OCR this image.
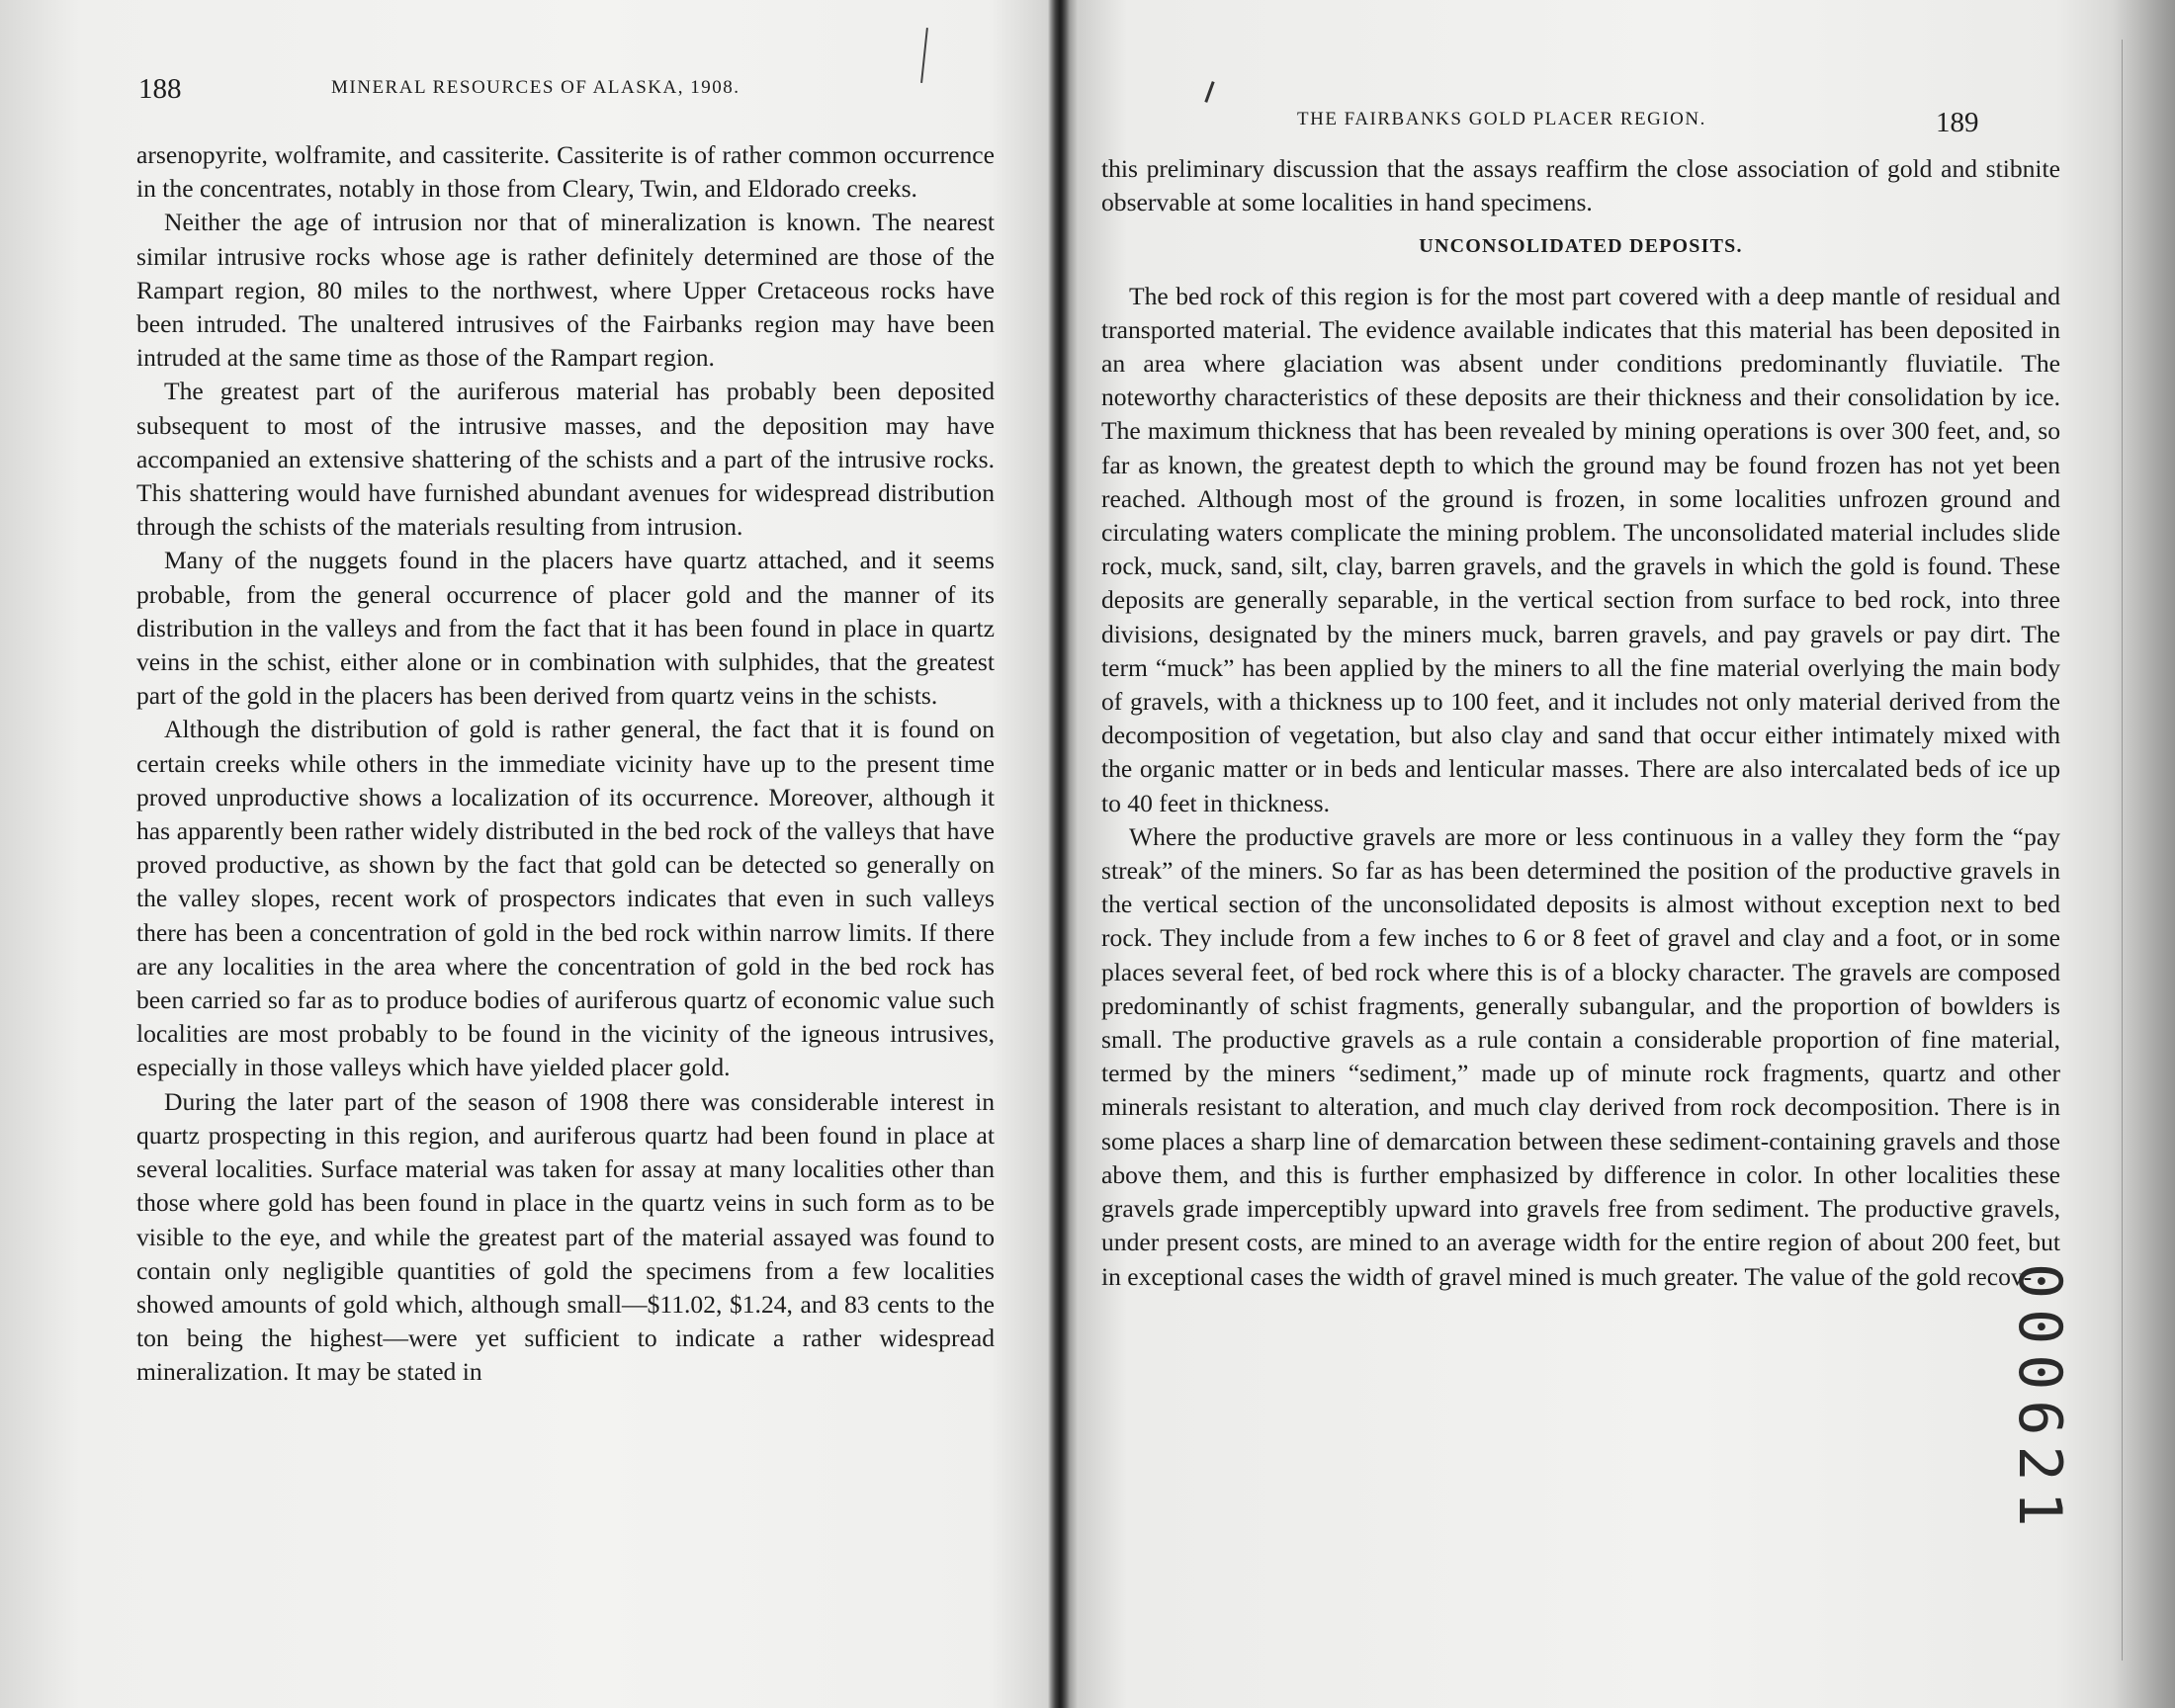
188	MINERAL RESOURCES OF ALASKA, 1908.

arsenopyrite, wolframite, and cassiterite. Cassiterite is of rather common occurrence in the concentrates, notably in those from Cleary, Twin, and Eldorado creeks.

Neither the age of intrusion nor that of mineralization is known. The nearest similar intrusive rocks whose age is rather definitely determined are those of the Rampart region, 80 miles to the northwest, where Upper Cretaceous rocks have been intruded. The unaltered intrusives of the Fairbanks region may have been intruded at the same time as those of the Rampart region.

The greatest part of the auriferous material has probably been deposited subsequent to most of the intrusive masses, and the deposition may have accompanied an extensive shattering of the schists and a part of the intrusive rocks. This shattering would have furnished abundant avenues for widespread distribution through the schists of the materials resulting from intrusion.

Many of the nuggets found in the placers have quartz attached, and it seems probable, from the general occurrence of placer gold and the manner of its distribution in the valleys and from the fact that it has been found in place in quartz veins in the schist, either alone or in combination with sulphides, that the greatest part of the gold in the placers has been derived from quartz veins in the schists.

Although the distribution of gold is rather general, the fact that it is found on certain creeks while others in the immediate vicinity have up to the present time proved unproductive shows a localization of its occurrence. Moreover, although it has apparently been rather widely distributed in the bed rock of the valleys that have proved productive, as shown by the fact that gold can be detected so generally on the valley slopes, recent work of prospectors indicates that even in such valleys there has been a concentration of gold in the bed rock within narrow limits. If there are any localities in the area where the concentration of gold in the bed rock has been carried so far as to produce bodies of auriferous quartz of economic value such localities are most probably to be found in the vicinity of the igneous intrusives, especially in those valleys which have yielded placer gold.

During the later part of the season of 1908 there was considerable interest in quartz prospecting in this region, and auriferous quartz had been found in place at several localities. Surface material was taken for assay at many localities other than those where gold has been found in place in the quartz veins in such form as to be visible to the eye, and while the greatest part of the material assayed was found to contain only negligible quantities of gold the specimens from a few localities showed amounts of gold which, although small—$11.02, $1.24, and 83 cents to the ton being the highest—were yet sufficient to indicate a rather widespread mineralization. It may be stated in

THE FAIRBANKS GOLD PLACER REGION.	189

this preliminary discussion that the assays reaffirm the close association of gold and stibnite observable at some localities in hand specimens.

UNCONSOLIDATED DEPOSITS.

The bed rock of this region is for the most part covered with a deep mantle of residual and transported material. The evidence available indicates that this material has been deposited in an area where glaciation was absent under conditions predominantly fluviatile. The noteworthy characteristics of these deposits are their thickness and their consolidation by ice. The maximum thickness that has been revealed by mining operations is over 300 feet, and, so far as known, the greatest depth to which the ground may be found frozen has not yet been reached. Although most of the ground is frozen, in some localities unfrozen ground and circulating waters complicate the mining problem. The unconsolidated material includes slide rock, muck, sand, silt, clay, barren gravels, and the gravels in which the gold is found. These deposits are generally separable, in the vertical section from surface to bed rock, into three divisions, designated by the miners muck, barren gravels, and pay gravels or pay dirt. The term “muck” has been applied by the miners to all the fine material overlying the main body of gravels, with a thickness up to 100 feet, and it includes not only material derived from the decomposition of vegetation, but also clay and sand that occur either intimately mixed with the organic matter or in beds and lenticular masses. There are also intercalated beds of ice up to 40 feet in thickness.

Where the productive gravels are more or less continuous in a valley they form the “pay streak” of the miners. So far as has been determined the position of the productive gravels in the vertical section of the unconsolidated deposits is almost without exception next to bed rock. They include from a few inches to 6 or 8 feet of gravel and clay and a foot, or in some places several feet, of bed rock where this is of a blocky character. The gravels are composed predominantly of schist fragments, generally subangular, and the proportion of bowlders is small. The productive gravels as a rule contain a considerable proportion of fine material, termed by the miners “sediment,” made up of minute rock fragments, quartz and other minerals resistant to alteration, and much clay derived from rock decomposition. There is in some places a sharp line of demarcation between these sediment-containing gravels and those above them, and this is further emphasized by difference in color. In other localities these gravels grade imperceptibly upward into gravels free from sediment. The productive gravels, under present costs, are mined to an average width for the entire region of about 200 feet, but in exceptional cases the width of gravel mined is much greater. The value of the gold recov-

000621
